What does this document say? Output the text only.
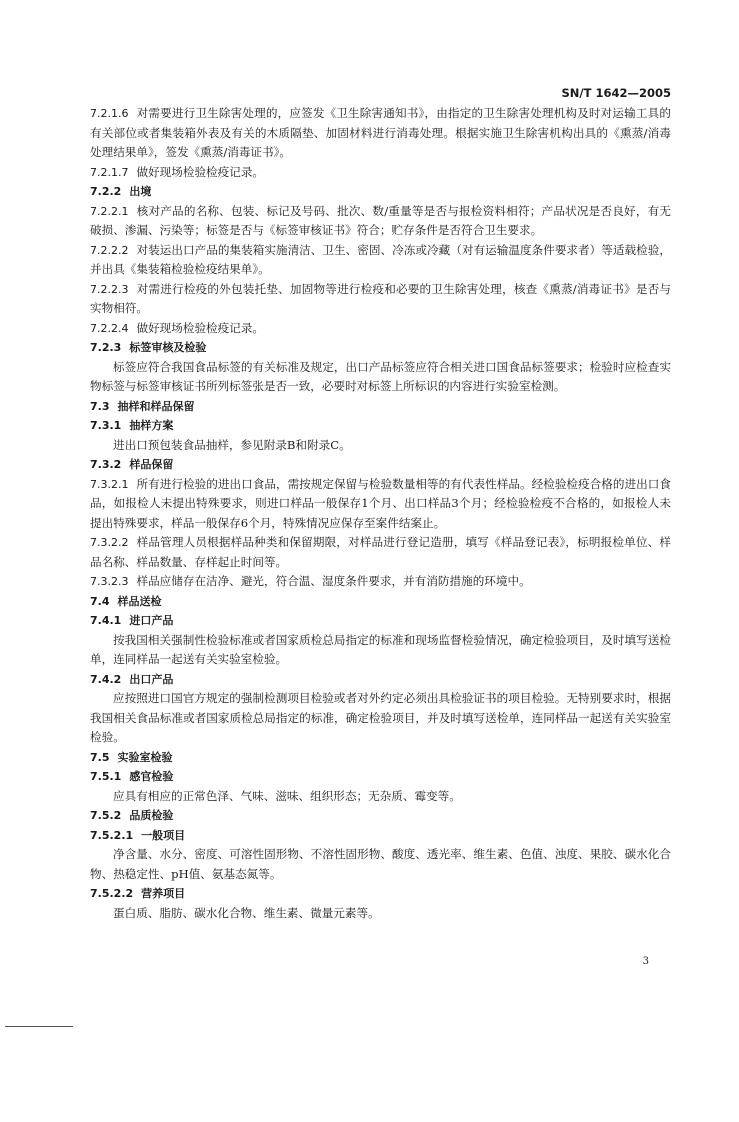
SN/T 1642—2005

7.2.1.6 对需要进行卫生除害处理的，应签发《卫生除害通知书》，由指定的卫生除害处理机构及时对运输工具的有关部位或者集装箱外表及有关的木质隔垫、加固材料进行消毒处理。根据实施卫生除害机构出具的《熏蒸/消毒处理结果单》，签发《熏蒸/消毒证书》。

7.2.1.7 做好现场检验检疫记录。

7.2.2 出境

7.2.2.1 核对产品的名称、包装、标记及号码、批次、数/重量等是否与报检资料相符；产品状况是否良好，有无破损、渗漏、污染等；标签是否与《标签审核证书》符合；贮存条件是否符合卫生要求。

7.2.2.2 对装运出口产品的集装箱实施清洁、卫生、密固、冷冻或冷藏（对有运输温度条件要求者）等适载检验，并出具《集装箱检验检疫结果单》。

7.2.2.3 对需进行检疫的外包装托垫、加固物等进行检疫和必要的卫生除害处理，核查《熏蒸/消毒证书》是否与实物相符。

7.2.2.4 做好现场检验检疫记录。

7.2.3 标签审核及检验

标签应符合我国食品标签的有关标准及规定，出口产品标签应符合相关进口国食品标签要求；检验时应检查实物标签与标签审核证书所列标签张是否一致，必要时对标签上所标识的内容进行实验室检测。

7.3 抽样和样品保留

7.3.1 抽样方案

进出口预包装食品抽样，参见附录B和附录C。

7.3.2 样品保留

7.3.2.1 所有进行检验的进出口食品，需按规定保留与检验数量相等的有代表性样品。经检验检疫合格的进出口食品，如报检人未提出特殊要求，则进口样品一般保存1个月、出口样品3个月；经检验检疫不合格的，如报检人未提出特殊要求，样品一般保存6个月，特殊情况应保存至案件结案止。

7.3.2.2 样品管理人员根据样品种类和保留期限，对样品进行登记造册，填写《样品登记表》，标明报检单位、样品名称、样品数量、存样起止时间等。

7.3.2.3 样品应储存在洁净、避光，符合温、湿度条件要求，并有消防措施的环境中。

7.4 样品送检

7.4.1 进口产品

按我国相关强制性检验标准或者国家质检总局指定的标准和现场监督检验情况，确定检验项目，及时填写送检单，连同样品一起送有关实验室检验。

7.4.2 出口产品

应按照进口国官方规定的强制检测项目检验或者对外约定必须出具检验证书的项目检验。无特别要求时，根据我国相关食品标准或者国家质检总局指定的标准，确定检验项目，并及时填写送检单，连同样品一起送有关实验室检验。

7.5 实验室检验

7.5.1 感官检验

应具有相应的正常色泽、气味、滋味、组织形态；无杂质、霉变等。

7.5.2 品质检验

7.5.2.1 一般项目

净含量、水分、密度、可溶性固形物、不溶性固形物、酸度、透光率、维生素、色值、浊度、果胶、碳水化合物、热稳定性、pH值、氨基态氮等。

7.5.2.2 营养项目

蛋白质、脂肪、碳水化合物、维生素、微量元素等。

3
